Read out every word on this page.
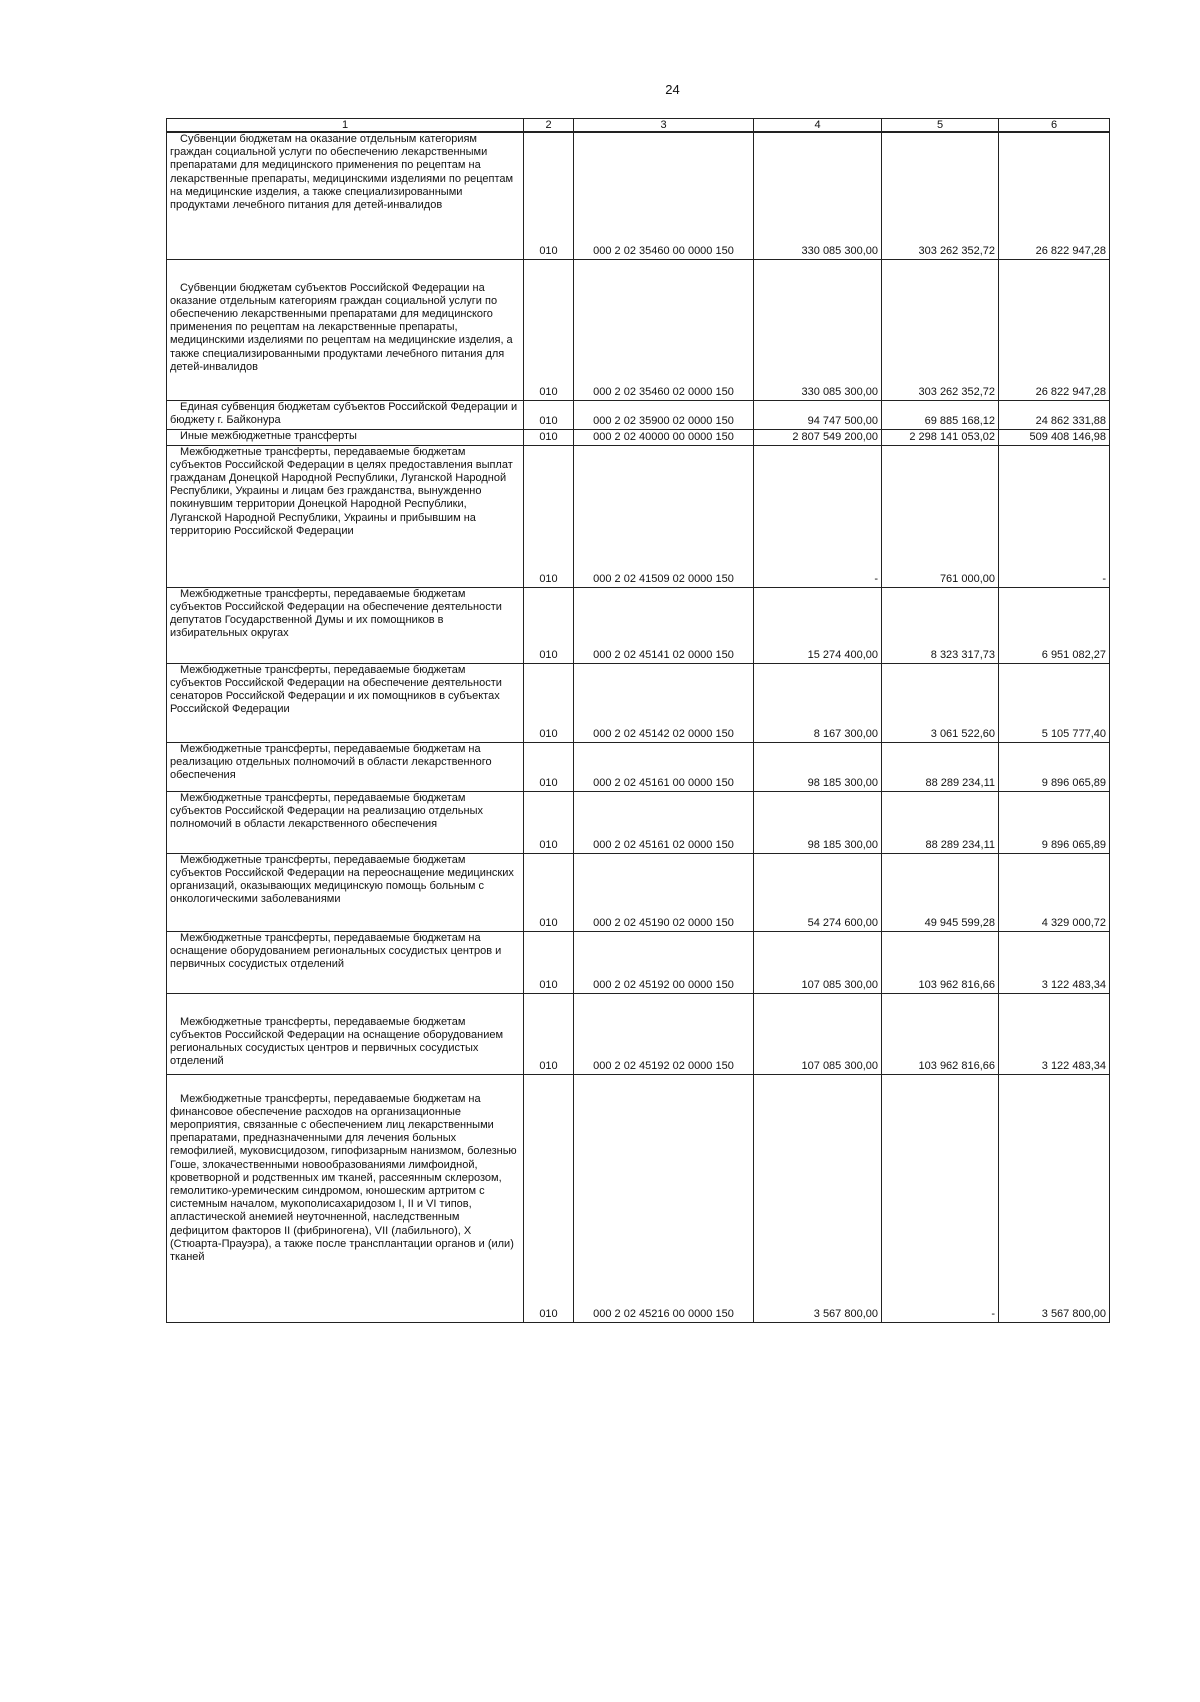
24
1	2	3	4	5	6
Субвенции бюджетам на оказание отдельным категориям граждан социальной услуги по обеспечению лекарственными препаратами для медицинского применения по рецептам на лекарственные препараты, медицинскими изделиями по рецептам на медицинские изделия, а также специализированными продуктами лечебного питания для детей-инвалидов	010	000 2 02 35460 00 0000 150	330 085 300,00	303 262 352,72	26 822 947,28
Субвенции бюджетам субъектов Российской Федерации на оказание отдельным категориям граждан социальной услуги по обеспечению лекарственными препаратами для медицинского применения по рецептам на лекарственные препараты, медицинскими изделиями по рецептам на медицинские изделия, а также специализированными продуктами лечебного питания для детей-инвалидов	010	000 2 02 35460 02 0000 150	330 085 300,00	303 262 352,72	26 822 947,28
Единая субвенция бюджетам субъектов Российской Федерации и бюджету г. Байконура	010	000 2 02 35900 02 0000 150	94 747 500,00	69 885 168,12	24 862 331,88
Иные межбюджетные трансферты	010	000 2 02 40000 00 0000 150	2 807 549 200,00	2 298 141 053,02	509 408 146,98
Межбюджетные трансферты, передаваемые бюджетам субъектов Российской Федерации в целях предоставления выплат гражданам Донецкой Народной Республики, Луганской Народной Республики, Украины и лицам без гражданства, вынужденно покинувшим территории Донецкой Народной Республики, Луганской Народной Республики, Украины и прибывшим на территорию Российской Федерации	010	000 2 02 41509 02 0000 150	-	761 000,00	-
Межбюджетные трансферты, передаваемые бюджетам субъектов Российской Федерации на обеспечение деятельности депутатов Государственной Думы и их помощников в избирательных округах	010	000 2 02 45141 02 0000 150	15 274 400,00	8 323 317,73	6 951 082,27
Межбюджетные трансферты, передаваемые бюджетам субъектов Российской Федерации на обеспечение деятельности сенаторов Российской Федерации и их помощников в субъектах Российской Федерации	010	000 2 02 45142 02 0000 150	8 167 300,00	3 061 522,60	5 105 777,40
Межбюджетные трансферты, передаваемые бюджетам на реализацию отдельных полномочий в области лекарственного обеспечения	010	000 2 02 45161 00 0000 150	98 185 300,00	88 289 234,11	9 896 065,89
Межбюджетные трансферты, передаваемые бюджетам субъектов Российской Федерации на реализацию отдельных полномочий в области лекарственного обеспечения	010	000 2 02 45161 02 0000 150	98 185 300,00	88 289 234,11	9 896 065,89
Межбюджетные трансферты, передаваемые бюджетам субъектов Российской Федерации на переоснащение медицинских организаций, оказывающих медицинскую помощь больным с онкологическими заболеваниями	010	000 2 02 45190 02 0000 150	54 274 600,00	49 945 599,28	4 329 000,72
Межбюджетные трансферты, передаваемые бюджетам на оснащение оборудованием региональных сосудистых центров и первичных сосудистых отделений	010	000 2 02 45192 00 0000 150	107 085 300,00	103 962 816,66	3 122 483,34
Межбюджетные трансферты, передаваемые бюджетам субъектов Российской Федерации на оснащение оборудованием региональных сосудистых центров и первичных сосудистых отделений	010	000 2 02 45192 02 0000 150	107 085 300,00	103 962 816,66	3 122 483,34
Межбюджетные трансферты, передаваемые бюджетам на финансовое обеспечение расходов на организационные мероприятия, связанные с обеспечением лиц лекарственными препаратами, предназначенными для лечения больных гемофилией, муковисцидозом, гипофизарным нанизмом, болезнью Гоше, злокачественными новообразованиями лимфоидной, кроветворной и родственных им тканей, рассеянным склерозом, гемолитико-уремическим синдромом, юношеским артритом с системным началом, мукополисахаридозом I, II и VI типов, апластической анемией неуточненной, наследственным дефицитом факторов II (фибриногена), VII (лабильного), X (Стюарта-Прауэра), а также после трансплантации органов и (или) тканей	010	000 2 02 45216 00 0000 150	3 567 800,00	-	3 567 800,00
